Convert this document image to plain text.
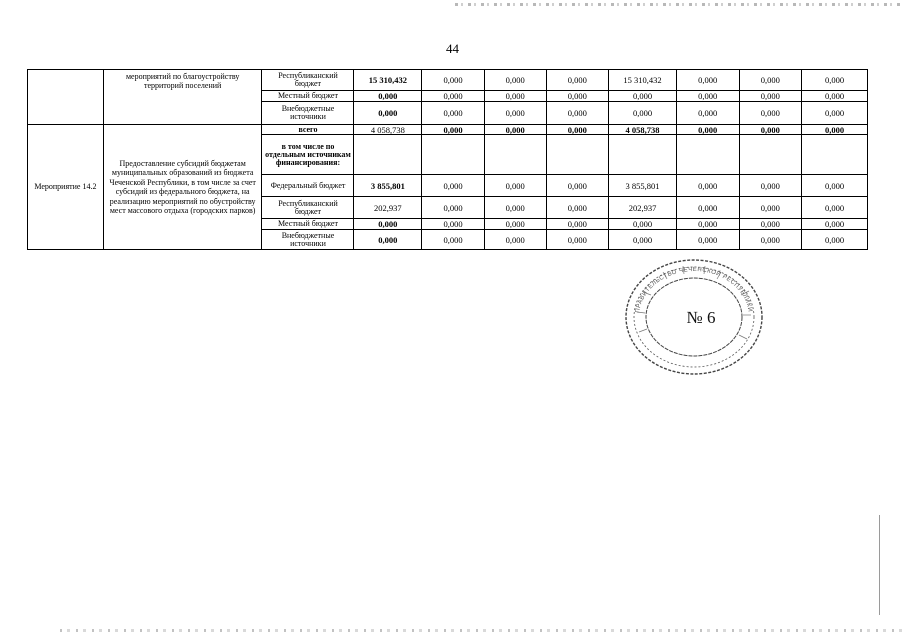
44
	мероприятий по благоустройству территорий поселений	Республиканский бюджет	15 310,432	0,000	0,000	0,000	15 310,432	0,000	0,000	0,000
		Местный бюджет	0,000	0,000	0,000	0,000	0,000	0,000	0,000	0,000
		Внебюджетные источники	0,000	0,000	0,000	0,000	0,000	0,000	0,000	0,000
Мероприятие 14.2	Предоставление субсидий бюджетам муниципальных образований из бюджета Чеченской Республики, в том числе за счет субсидий из федерального бюджета, на реализацию мероприятий по обустройству мест массового отдыха (городских парков)	всего	4 058,738	0,000	0,000	0,000	4 058,738	0,000	0,000	0,000
		в том числе по отдельным источникам финансирования:								
		Федеральный бюджет	3 855,801	0,000	0,000	0,000	3 855,801	0,000	0,000	0,000
		Республиканский бюджет	202,937	0,000	0,000	0,000	202,937	0,000	0,000	0,000
		Местный бюджет	0,000	0,000	0,000	0,000	0,000	0,000	0,000	0,000
		Внебюджетные источники	0,000	0,000	0,000	0,000	0,000	0,000	0,000	0,000
ПРАВИТЕЛЬСТВО ЧЕЧЕНСКОЙ РЕСПУБЛИКИ
№ 6
